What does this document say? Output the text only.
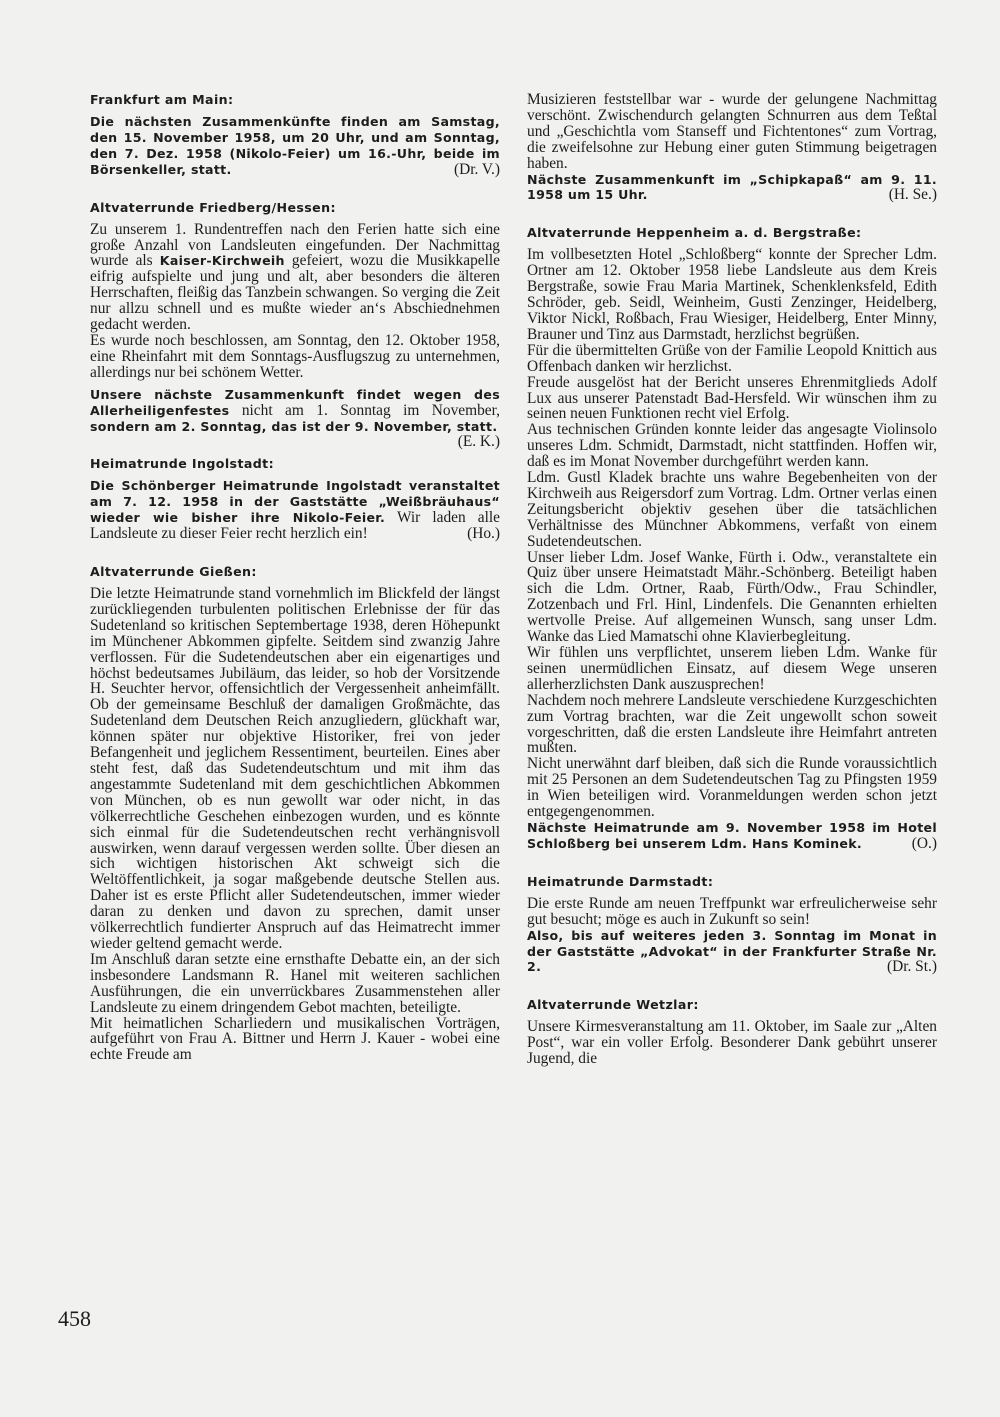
Frankfurt am Main:

Die nächsten Zusammenkünfte finden am Samstag, den 15. November 1958, um 20 Uhr, und am Sonntag, den 7. Dez. 1958 (Nikolo-Feier) um 16.-Uhr, beide im Börsenkeller, statt.	(Dr. V.)

Altvaterrunde Friedberg/Hessen:

Zu unserem 1. Rundentreffen nach den Ferien hatte sich eine große Anzahl von Landsleuten eingefunden. Der Nachmittag wurde als Kaiser-Kirchweih gefeiert, wozu die Musikkapelle eifrig aufspielte und jung und alt, aber besonders die älteren Herrschaften, fleißig das Tanzbein schwangen. So verging die Zeit nur allzu schnell und es mußte wieder an‘s Abschiednehmen gedacht werden.

Es wurde noch beschlossen, am Sonntag, den 12. Oktober 1958, eine Rheinfahrt mit dem Sonntags-Ausflugszug zu unternehmen, allerdings nur bei schönem Wetter.

Unsere nächste Zusammenkunft findet wegen des Allerheiligenfestes nicht am 1. Sonntag im November, sondern am 2. Sonntag, das ist der 9. November, statt.
(E. K.)

Heimatrunde Ingolstadt:

Die Schönberger Heimatrunde Ingolstadt veranstaltet am 7. 12. 1958 in der Gaststätte „Weißbräuhaus“ wieder wie bisher ihre Nikolo-Feier. Wir laden alle Landsleute zu dieser Feier recht herzlich ein!	(Ho.)

Altvaterrunde Gießen:

Die letzte Heimatrunde stand vornehmlich im Blickfeld der längst zurückliegenden turbulenten politischen Erlebnisse der für das Sudetenland so kritischen Septembertage 1938, deren Höhepunkt im Münchener Abkommen gipfelte. Seitdem sind zwanzig Jahre verflossen. Für die Sudetendeutschen aber ein eigenartiges und höchst bedeutsames Jubiläum, das leider, so hob der Vorsitzende H. Seuchter hervor, offensichtlich der Vergessenheit anheimfällt. Ob der gemeinsame Beschluß der damaligen Großmächte, das Sudetenland dem Deutschen Reich anzugliedern, glückhaft war, können später nur objektive Historiker, frei von jeder Befangenheit und jeglichem Ressentiment, beurteilen. Eines aber steht fest, daß das Sudetendeutschtum und mit ihm das angestammte Sudetenland mit dem geschichtlichen Abkommen von München, ob es nun gewollt war oder nicht, in das völkerrechtliche Geschehen einbezogen wurden, und es könnte sich einmal für die Sudetendeutschen recht verhängnisvoll auswirken, wenn darauf vergessen werden sollte. Über diesen an sich wichtigen historischen Akt schweigt sich die Weltöffentlichkeit, ja sogar maßgebende deutsche Stellen aus. Daher ist es erste Pflicht aller Sudetendeutschen, immer wieder daran zu denken und davon zu sprechen, damit unser völkerrechtlich fundierter Anspruch auf das Heimatrecht immer wieder geltend gemacht werde.

Im Anschluß daran setzte eine ernsthafte Debatte ein, an der sich insbesondere Landsmann R. Hanel mit weiteren sachlichen Ausführungen, die ein unverrückbares Zusammenstehen aller Landsleute zu einem dringendem Gebot machten, beteiligte.

Mit heimatlichen Scharliedern und musikalischen Vorträgen, aufgeführt von Frau A. Bittner und Herrn J. Kauer - wobei eine echte Freude am

Musizieren feststellbar war - wurde der gelungene Nachmittag verschönt. Zwischendurch gelangten Schnurren aus dem Teßtal und „Geschichtla vom Stanseff und Fichtentones“ zum Vortrag, die zweifelsohne zur Hebung einer guten Stimmung beigetragen haben.

Nächste Zusammenkunft im „Schipkapaß“ am 9. 11. 1958 um 15 Uhr.	(H. Se.)

Altvaterrunde Heppenheim a. d. Bergstraße:

Im vollbesetzten Hotel „Schloßberg“ konnte der Sprecher Ldm. Ortner am 12. Oktober 1958 liebe Landsleute aus dem Kreis Bergstraße, sowie Frau Maria Martinek, Schenklenksfeld, Edith Schröder, geb. Seidl, Weinheim, Gusti Zenzinger, Heidelberg, Viktor Nickl, Roßbach, Frau Wiesiger, Heidelberg, Enter Minny, Brauner und Tinz aus Darmstadt, herzlichst begrüßen.

Für die übermittelten Grüße von der Familie Leopold Knittich aus Offenbach danken wir herzlichst.

Freude ausgelöst hat der Bericht unseres Ehrenmitglieds Adolf Lux aus unserer Patenstadt Bad-Hersfeld. Wir wünschen ihm zu seinen neuen Funktionen recht viel Erfolg.

Aus technischen Gründen konnte leider das angesagte Violinsolo unseres Ldm. Schmidt, Darmstadt, nicht stattfinden. Hoffen wir, daß es im Monat November durchgeführt werden kann.

Ldm. Gustl Kladek brachte uns wahre Begebenheiten von der Kirchweih aus Reigersdorf zum Vortrag. Ldm. Ortner verlas einen Zeitungsbericht objektiv gesehen über die tatsächlichen Verhältnisse des Münchner Abkommens, verfaßt von einem Sudetendeutschen.

Unser lieber Ldm. Josef Wanke, Fürth i. Odw., veranstaltete ein Quiz über unsere Heimatstadt Mähr.-Schönberg. Beteiligt haben sich die Ldm. Ortner, Raab, Fürth/Odw., Frau Schindler, Zotzenbach und Frl. Hinl, Lindenfels. Die Genannten erhielten wertvolle Preise. Auf allgemeinen Wunsch, sang unser Ldm. Wanke das Lied Mamatschi ohne Klavierbegleitung.

Wir fühlen uns verpflichtet, unserem lieben Ldm. Wanke für seinen unermüdlichen Einsatz, auf diesem Wege unseren allerherzlichsten Dank auszusprechen!

Nachdem noch mehrere Landsleute verschiedene Kurzgeschichten zum Vortrag brachten, war die Zeit ungewollt schon soweit vorgeschritten, daß die ersten Landsleute ihre Heimfahrt antreten mußten.

Nicht unerwähnt darf bleiben, daß sich die Runde voraussichtlich mit 25 Personen an dem Sudetendeutschen Tag zu Pfingsten 1959 in Wien beteiligen wird. Voranmeldungen werden schon jetzt entgegengenommen.

Nächste Heimatrunde am 9. November 1958 im Hotel Schloßberg bei unserem Ldm. Hans Kominek.	(O.)

Heimatrunde Darmstadt:

Die erste Runde am neuen Treffpunkt war erfreulicherweise sehr gut besucht; möge es auch in Zukunft so sein!

Also, bis auf weiteres jeden 3. Sonntag im Monat in der Gaststätte „Advokat“ in der Frankfurter Straße Nr. 2.	(Dr. St.)

Altvaterrunde Wetzlar:

Unsere Kirmesveranstaltung am 11. Oktober, im Saale zur „Alten Post“, war ein voller Erfolg. Besonderer Dank gebührt unserer Jugend, die

458
